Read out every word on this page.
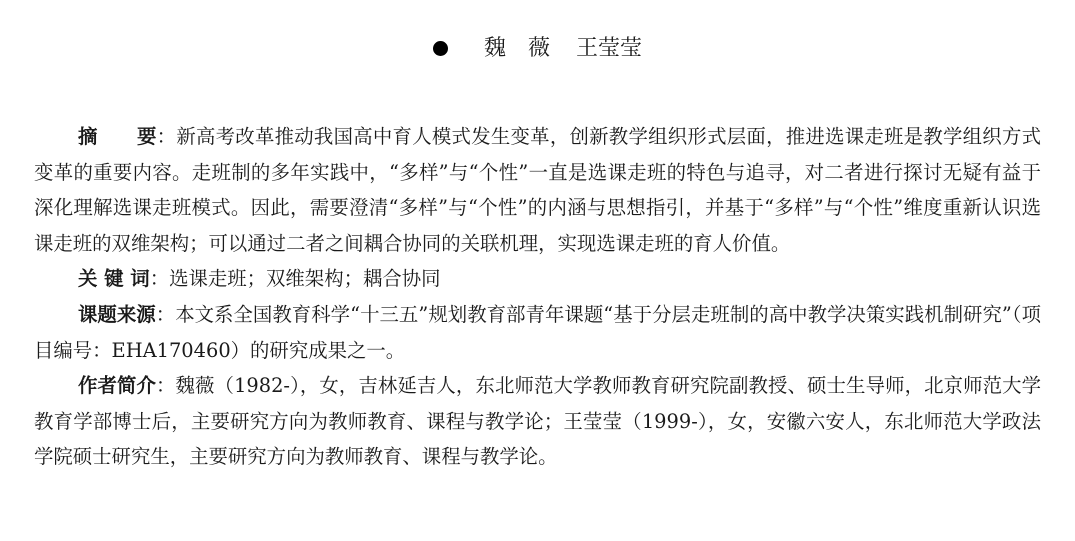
魏　薇 王莹莹

摘　　要：新高考改革推动我国高中育人模式发生变革，创新教学组织形式层面，推进选课走班是教学组织方式变革的重要内容。走班制的多年实践中，“多样”与“个性”一直是选课走班的特色与追寻，对二者进行探讨无疑有益于深化理解选课走班模式。因此，需要澄清“多样”与“个性”的内涵与思想指引，并基于“多样”与“个性”维度重新认识选课走班的双维架构；可以通过二者之间耦合协同的关联机理，实现选课走班的育人价值。

关 键 词：选课走班；双维架构；耦合协同

课题来源：本文系全国教育科学“十三五”规划教育部青年课题“基于分层走班制的高中教学决策实践机制研究”（项目编号：EHA170460）的研究成果之一。

作者简介：魏薇（1982-），女，吉林延吉人，东北师范大学教师教育研究院副教授、硕士生导师，北京师范大学教育学部博士后，主要研究方向为教师教育、课程与教学论；王莹莹（1999-），女，安徽六安人，东北师范大学政法学院硕士研究生，主要研究方向为教师教育、课程与教学论。
